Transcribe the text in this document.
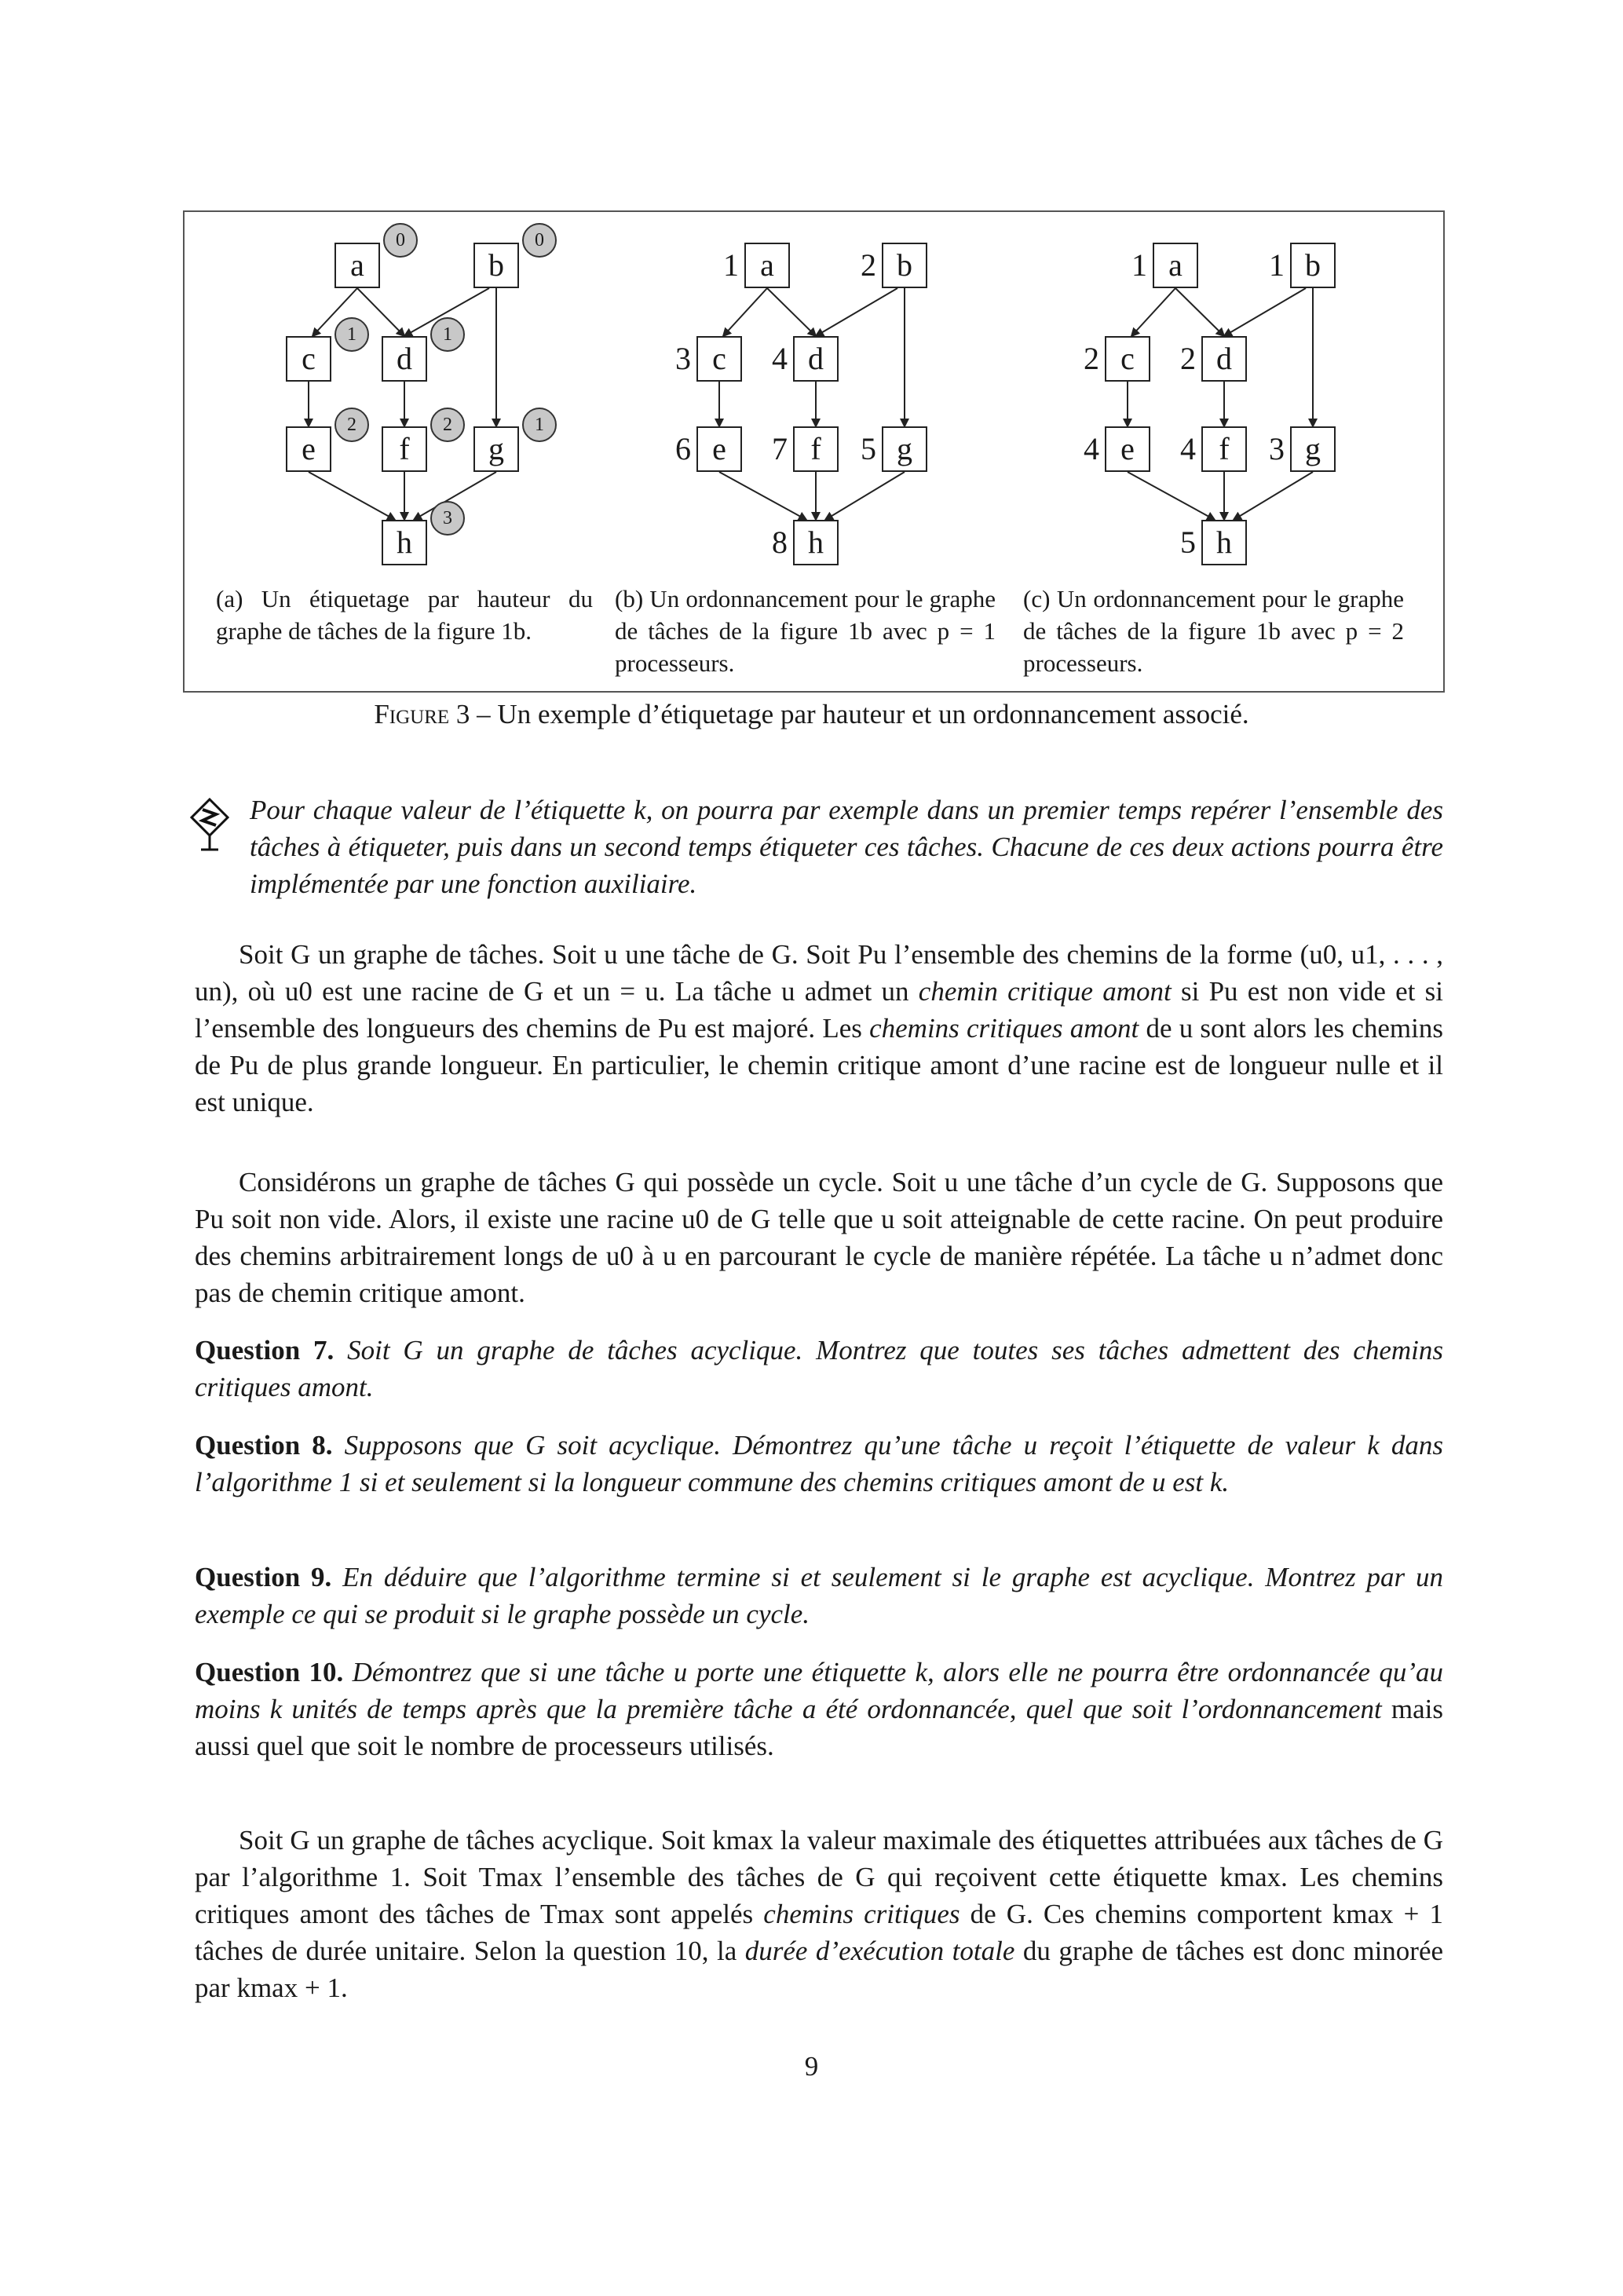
a	b
c	d
e	f	g
h
0	0
1	1
2	2	1
3
a	b
c	d
e	f	g
h
1	2
3	4
6	7 5
8
a	b
c	d
e	f	g
h
1	1
2	2
4	4 3
5
(a) Un étiquetage par hauteur du graphe de tâches de la figure 1b.
(b) Un ordonnancement pour le graphe de tâches de la figure 1b avec p = 1 processeurs.
(c) Un ordonnancement pour le graphe de tâches de la figure 1b avec p = 2 processeurs.
Figure 3 – Un exemple d’étiquetage par hauteur et un ordonnancement associé.
Pour chaque valeur de l’étiquette k, on pourra par exemple dans un premier temps repérer l’ensemble des tâches à étiqueter, puis dans un second temps étiqueter ces tâches. Chacune de ces deux actions pourra être implémentée par une fonction auxiliaire.
Soit G un graphe de tâches. Soit u une tâche de G. Soit Pu l’ensemble des chemins de la forme (u0, u1, . . . , un), où u0 est une racine de G et un = u. La tâche u admet un chemin critique amont si Pu est non vide et si l’ensemble des longueurs des chemins de Pu est majoré. Les chemins critiques amont de u sont alors les chemins de Pu de plus grande longueur. En particulier, le chemin critique amont d’une racine est de longueur nulle et il est unique.
Considérons un graphe de tâches G qui possède un cycle. Soit u une tâche d’un cycle de G. Supposons que Pu soit non vide. Alors, il existe une racine u0 de G telle que u soit atteignable de cette racine. On peut produire des chemins arbitrairement longs de u0 à u en parcourant le cycle de manière répétée. La tâche u n’admet donc pas de chemin critique amont.
Question 7. Soit G un graphe de tâches acyclique. Montrez que toutes ses tâches admettent des chemins critiques amont.
Question 8. Supposons que G soit acyclique. Démontrez qu’une tâche u reçoit l’étiquette de valeur k dans l’algorithme 1 si et seulement si la longueur commune des chemins critiques amont de u est k.
Question 9. En déduire que l’algorithme termine si et seulement si le graphe est acyclique. Montrez par un exemple ce qui se produit si le graphe possède un cycle.
Question 10. Démontrez que si une tâche u porte une étiquette k, alors elle ne pourra être ordonnancée qu’au moins k unités de temps après que la première tâche a été ordonnancée, quel que soit l’ordonnancement mais aussi quel que soit le nombre de processeurs utilisés.
Soit G un graphe de tâches acyclique. Soit kmax la valeur maximale des étiquettes attribuées aux tâches de G par l’algorithme 1. Soit Tmax l’ensemble des tâches de G qui reçoivent cette étiquette kmax. Les chemins critiques amont des tâches de Tmax sont appelés chemins critiques de G. Ces chemins comportent kmax + 1 tâches de durée unitaire. Selon la question 10, la durée d’exécution totale du graphe de tâches est donc minorée par kmax + 1.
9
